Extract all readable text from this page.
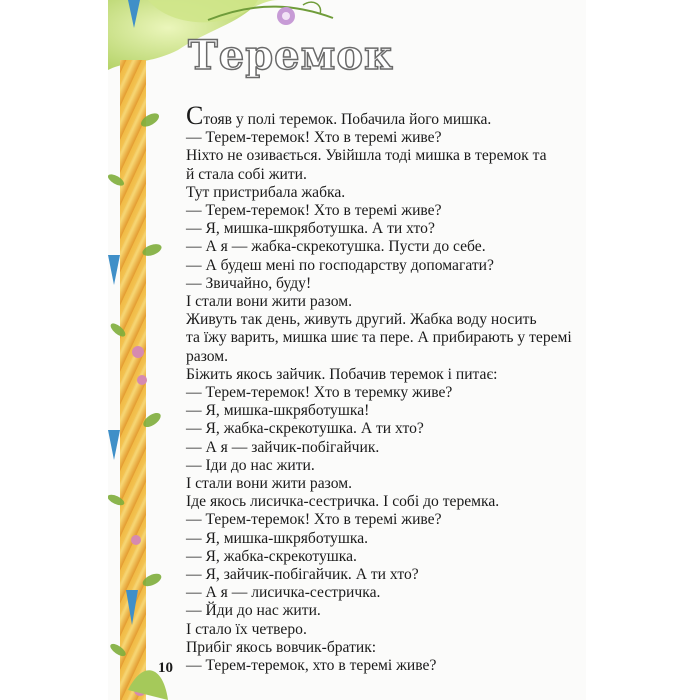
Теремок

Стояв у полі теремок. Побачила його мишка.

— Терем-теремок! Хто в теремі живе?

Ніхто не озивається. Увійшла тоді мишка в теремок та

й стала собі жити.

Тут пристрибала жабка.

— Терем-теремок! Хто в теремі живе?

— Я, мишка-шкряботушка. А ти хто?

— А я — жабка-скрекотушка. Пусти до себе.

— А будеш мені по господарству допомагати?

— Звичайно, буду!

І стали вони жити разом.

Живуть так день, живуть другий. Жабка воду носить

та їжу варить, мишка шиє та пере. А прибирають у теремі

разом.

Біжить якось зайчик. Побачив теремок і питає:

— Терем-теремок! Хто в теремку живе?

— Я, мишка-шкряботушка!

— Я, жабка-скрекотушка. А ти хто?

— А я — зайчик-побігайчик.

— Іди до нас жити.

І стали вони жити разом.

Іде якось лисичка-сестричка. І собі до теремка.

— Терем-теремок! Хто в теремі живе?

— Я, мишка-шкряботушка.

— Я, жабка-скрекотушка.

— Я, зайчик-побігайчик. А ти хто?

— А я — лисичка-сестричка.

— Йди до нас жити.

І стало їх четверо.

Прибіг якось вовчик-братик:

— Терем-теремок, хто в теремі живе?

10
